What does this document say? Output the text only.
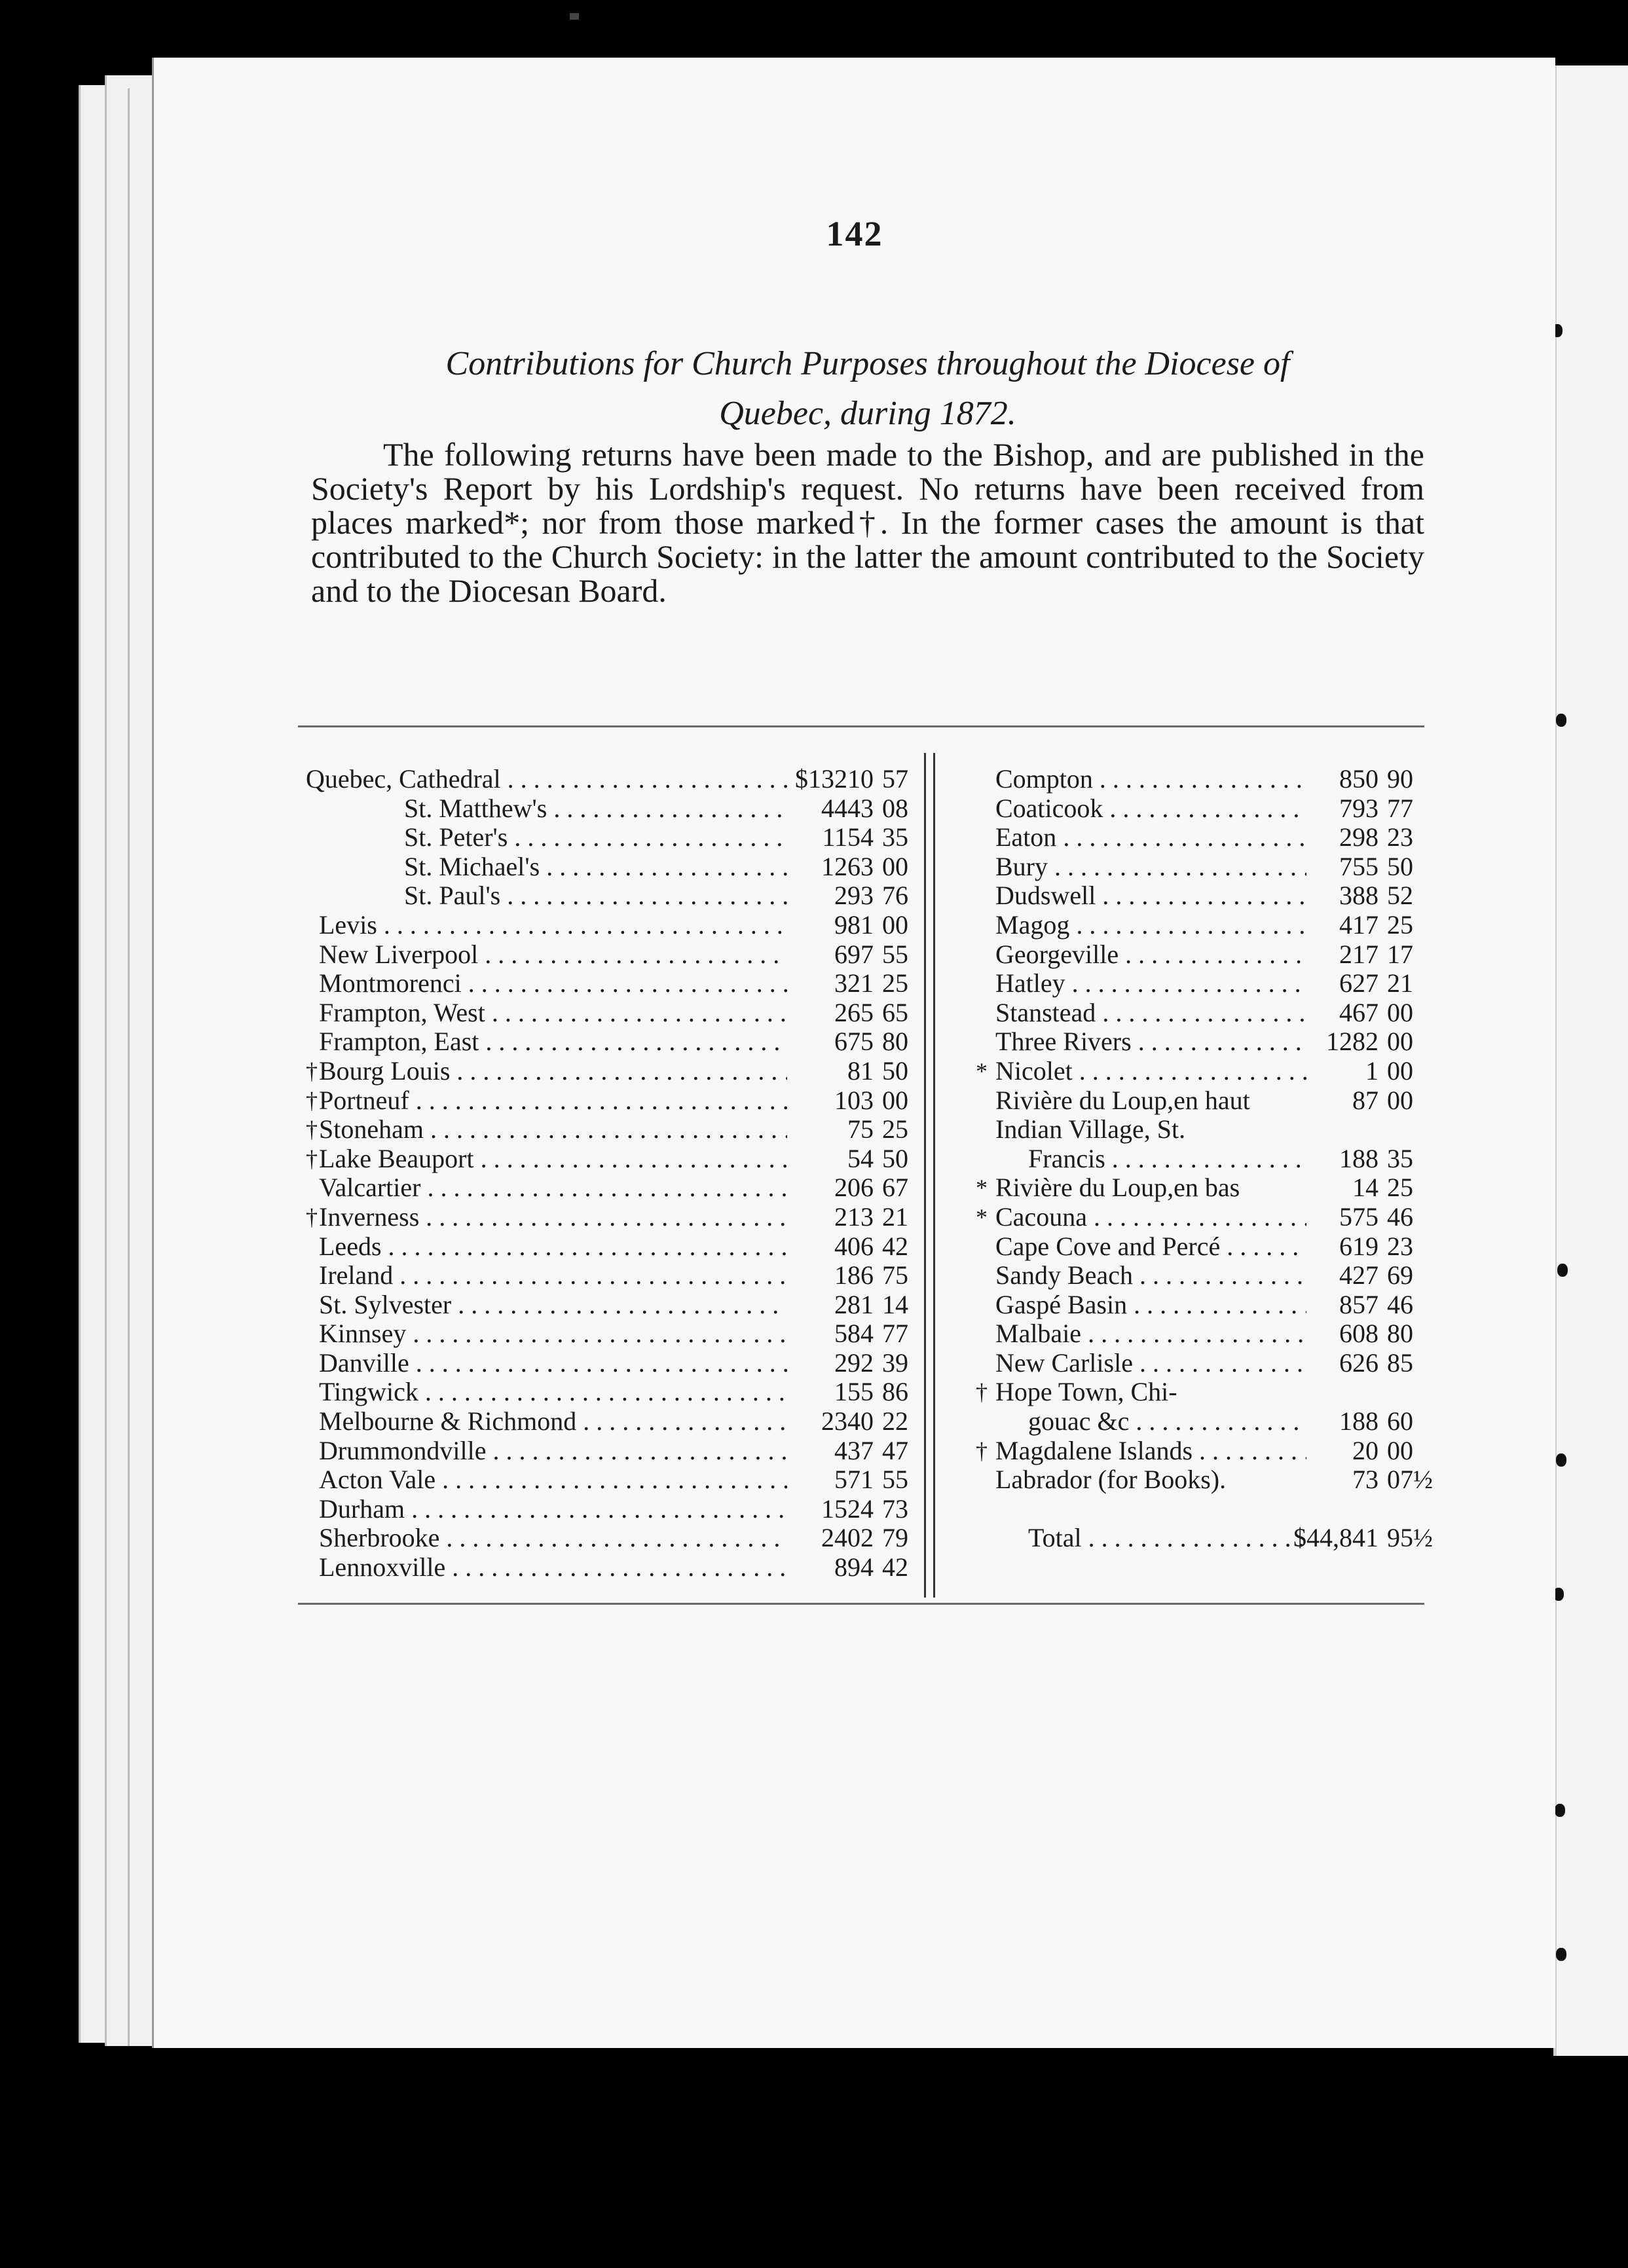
142
Contributions for Church Purposes throughout the Diocese of
Quebec, during 1872.
The following returns have been made to the Bishop, and are published in the Society's Report by his Lordship's request. No returns have been received from places marked*; nor from those marked†. In the former cases the amount is that contributed to the Church Society: in the latter the amount contributed to the Society and to the Diocesan Board.
Quebec, Cathedral . . .	$13210 57
St. Matthew's . . .	4443 08
St. Peter's . . .	1154 35
St. Michael's . . .	1263 00
St. Paul's . . .	293 76
Levis . . .	981 00
New Liverpool . . .	697 55
Montmorenci . . .	321 25
Frampton, West . . .	265 65
Frampton, East . . .	675 80
† Bourg Louis . . .	81 50
† Portneuf . . .	103 00
† Stoneham . . .	75 25
† Lake Beauport . . .	54 50
Valcartier . . .	206 67
† Inverness . . .	213 21
Leeds . . .	406 42
Ireland . . .	186 75
St. Sylvester . . .	281 14
Kinnsey . . .	584 77
Danville . . .	292 39
Tingwick . . .	155 86
Melbourne & Richmond . . .	2340 22
Drummondville . . .	437 47
Acton Vale . . .	571 55
Durham . . .	1524 73
Sherbrooke . . .	2402 79
Lennoxville . . .	894 42
Compton . . .	850 90
Coaticook . . .	793 77
Eaton . . .	298 23
Bury . . .	755 50
Dudswell . . .	388 52
Magog . . .	417 25
Georgeville . . .	217 17
Hatley . . .	627 21
Stanstead . . .	467 00
Three Rivers . . .	1282 00
* Nicolet . . .	1 00
Rivière du Loup,en haut	87 00
Indian Village, St.
Francis . . .	188 35
* Rivière du Loup,en bas	14 25
* Cacouna . . .	575 46
Cape Cove and Percé . . .	619 23
Sandy Beach . . .	427 69
Gaspé Basin . . .	857 46
Malbaie . . .	608 80
New Carlisle . . .	626 85
† Hope Town, Chi-
gouac &c . . .	188 60
† Magdalene Islands . . .	20 00
Labrador (for Books).	73 07½
Total . . .	$44,841 95½
